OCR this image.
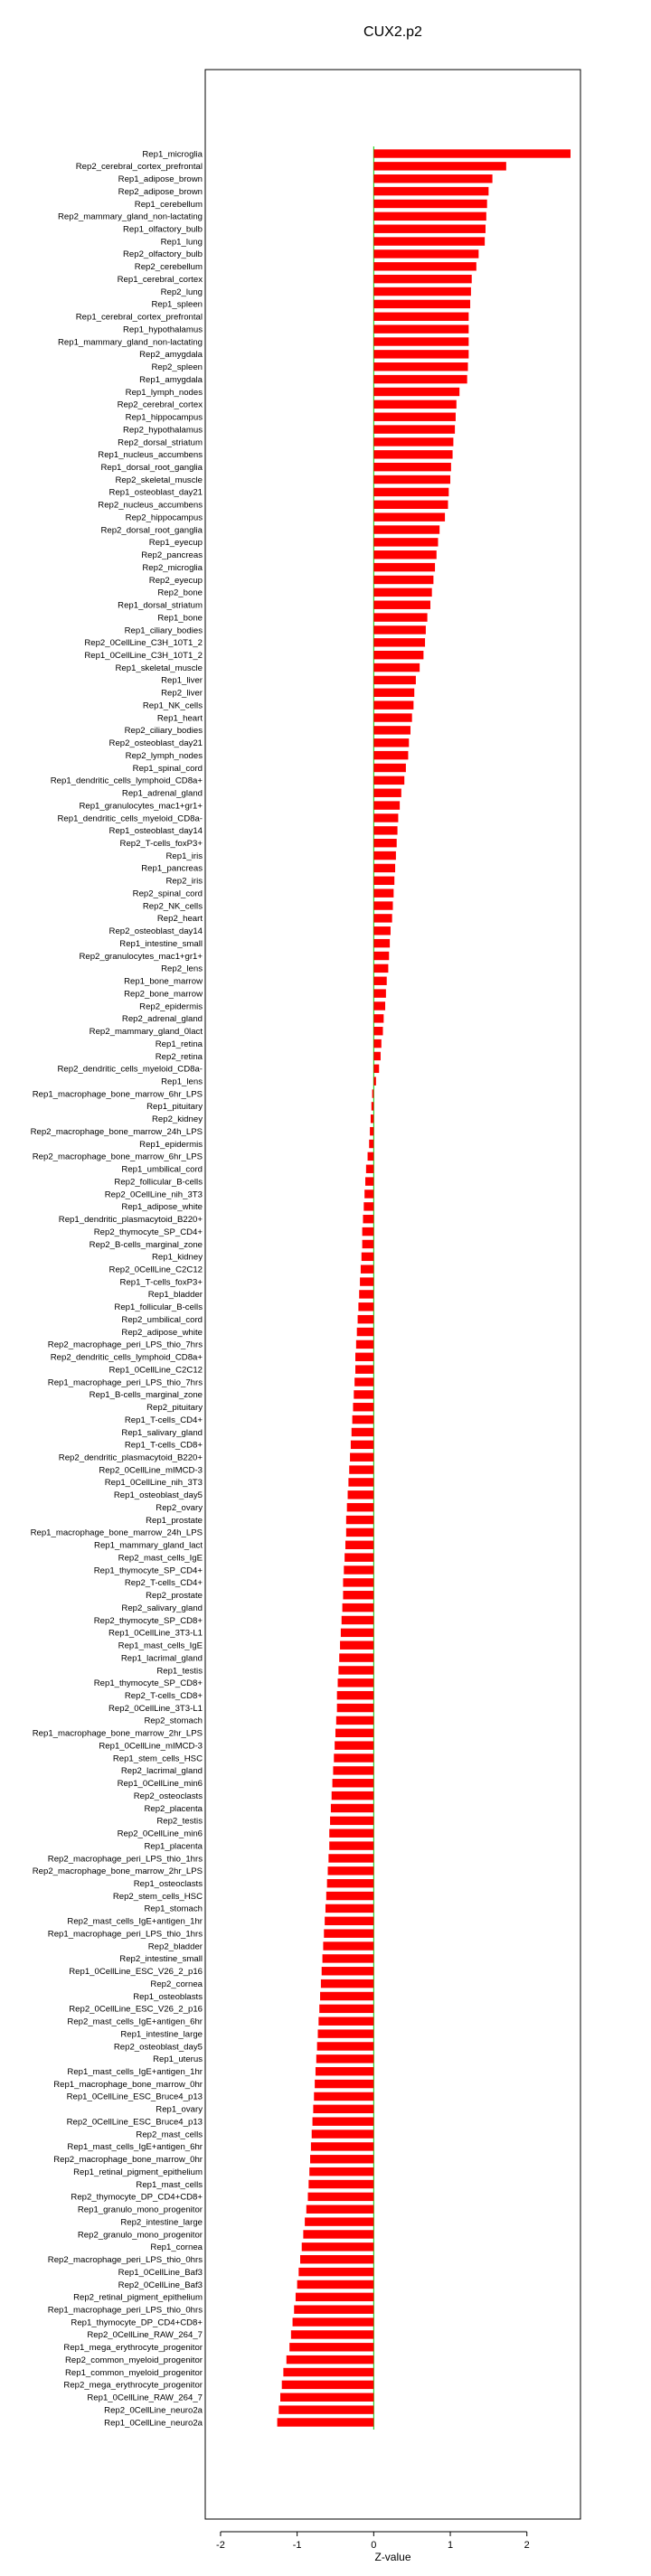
CUX2.p2
Rep1_microglia
Rep2_cerebral_cortex_prefrontal
Rep1_adipose_brown
Rep2_adipose_brown
Rep1_cerebellum
Rep2_mammary_gland_non-lactating
Rep1_olfactory_bulb
Rep1_lung
Rep2_olfactory_bulb
Rep2_cerebellum
Rep1_cerebral_cortex
Rep2_lung
Rep1_spleen
Rep1_cerebral_cortex_prefrontal
Rep1_hypothalamus
Rep1_mammary_gland_non-lactating
Rep2_amygdala
Rep2_spleen
Rep1_amygdala
Rep1_lymph_nodes
Rep2_cerebral_cortex
Rep1_hippocampus
Rep2_hypothalamus
Rep2_dorsal_striatum
Rep1_nucleus_accumbens
Rep1_dorsal_root_ganglia
Rep2_skeletal_muscle
Rep1_osteoblast_day21
Rep2_nucleus_accumbens
Rep2_hippocampus
Rep2_dorsal_root_ganglia
Rep1_eyecup
Rep2_pancreas
Rep2_microglia
Rep2_eyecup
Rep2_bone
Rep1_dorsal_striatum
Rep1_bone
Rep1_ciliary_bodies
Rep2_0CellLine_C3H_10T1_2
Rep1_0CellLine_C3H_10T1_2
Rep1_skeletal_muscle
Rep1_liver
Rep2_liver
Rep1_NK_cells
Rep1_heart
Rep2_ciliary_bodies
Rep2_osteoblast_day21
Rep2_lymph_nodes
Rep1_spinal_cord
Rep1_dendritic_cells_lymphoid_CD8a+
Rep1_adrenal_gland
Rep1_granulocytes_mac1+gr1+
Rep1_dendritic_cells_myeloid_CD8a-
Rep1_osteoblast_day14
Rep2_T-cells_foxP3+
Rep1_iris
Rep1_pancreas
Rep2_iris
Rep2_spinal_cord
Rep2_NK_cells
Rep2_heart
Rep2_osteoblast_day14
Rep1_intestine_small
Rep2_granulocytes_mac1+gr1+
Rep2_lens
Rep1_bone_marrow
Rep2_bone_marrow
Rep2_epidermis
Rep2_adrenal_gland
Rep2_mammary_gland_0lact
Rep1_retina
Rep2_retina
Rep2_dendritic_cells_myeloid_CD8a-
Rep1_lens
Rep1_macrophage_bone_marrow_6hr_LPS
Rep1_pituitary
Rep2_kidney
Rep2_macrophage_bone_marrow_24h_LPS
Rep1_epidermis
Rep2_macrophage_bone_marrow_6hr_LPS
Rep1_umbilical_cord
Rep2_follicular_B-cells
Rep2_0CellLine_nih_3T3
Rep1_adipose_white
Rep1_dendritic_plasmacytoid_B220+
Rep2_thymocyte_SP_CD4+
Rep2_B-cells_marginal_zone
Rep1_kidney
Rep2_0CellLine_C2C12
Rep1_T-cells_foxP3+
Rep1_bladder
Rep1_follicular_B-cells
Rep2_umbilical_cord
Rep2_adipose_white
Rep2_macrophage_peri_LPS_thio_7hrs
Rep2_dendritic_cells_lymphoid_CD8a+
Rep1_0CellLine_C2C12
Rep1_macrophage_peri_LPS_thio_7hrs
Rep1_B-cells_marginal_zone
Rep2_pituitary
Rep1_T-cells_CD4+
Rep1_salivary_gland
Rep1_T-cells_CD8+
Rep2_dendritic_plasmacytoid_B220+
Rep2_0CellLine_mIMCD-3
Rep1_0CellLine_nih_3T3
Rep1_osteoblast_day5
Rep2_ovary
Rep1_prostate
Rep1_macrophage_bone_marrow_24h_LPS
Rep1_mammary_gland_lact
Rep2_mast_cells_IgE
Rep1_thymocyte_SP_CD4+
Rep2_T-cells_CD4+
Rep2_prostate
Rep2_salivary_gland
Rep2_thymocyte_SP_CD8+
Rep1_0CellLine_3T3-L1
Rep1_mast_cells_IgE
Rep1_lacrimal_gland
Rep1_testis
Rep1_thymocyte_SP_CD8+
Rep2_T-cells_CD8+
Rep2_0CellLine_3T3-L1
Rep2_stomach
Rep1_macrophage_bone_marrow_2hr_LPS
Rep1_0CellLine_mIMCD-3
Rep1_stem_cells_HSC
Rep2_lacrimal_gland
Rep1_0CellLine_min6
Rep2_osteoclasts
Rep2_placenta
Rep2_testis
Rep2_0CellLine_min6
Rep1_placenta
Rep2_macrophage_peri_LPS_thio_1hrs
Rep2_macrophage_bone_marrow_2hr_LPS
Rep1_osteoclasts
Rep2_stem_cells_HSC
Rep1_stomach
Rep2_mast_cells_IgE+antigen_1hr
Rep1_macrophage_peri_LPS_thio_1hrs
Rep2_bladder
Rep2_intestine_small
Rep1_0CellLine_ESC_V26_2_p16
Rep2_cornea
Rep1_osteoblasts
Rep2_0CellLine_ESC_V26_2_p16
Rep2_mast_cells_IgE+antigen_6hr
Rep1_intestine_large
Rep2_osteoblast_day5
Rep1_uterus
Rep1_mast_cells_IgE+antigen_1hr
Rep1_macrophage_bone_marrow_0hr
Rep1_0CellLine_ESC_Bruce4_p13
Rep1_ovary
Rep2_0CellLine_ESC_Bruce4_p13
Rep2_mast_cells
Rep1_mast_cells_IgE+antigen_6hr
Rep2_macrophage_bone_marrow_0hr
Rep1_retinal_pigment_epithelium
Rep1_mast_cells
Rep2_thymocyte_DP_CD4+CD8+
Rep1_granulo_mono_progenitor
Rep2_intestine_large
Rep2_granulo_mono_progenitor
Rep1_cornea
Rep2_macrophage_peri_LPS_thio_0hrs
Rep1_0CellLine_Baf3
Rep2_0CellLine_Baf3
Rep2_retinal_pigment_epithelium
Rep1_macrophage_peri_LPS_thio_0hrs
Rep1_thymocyte_DP_CD4+CD8+
Rep2_0CellLine_RAW_264_7
Rep1_mega_erythrocyte_progenitor
Rep2_common_myeloid_progenitor
Rep1_common_myeloid_progenitor
Rep2_mega_erythrocyte_progenitor
Rep1_0CellLine_RAW_264_7
Rep2_0CellLine_neuro2a
Rep1_0CellLine_neuro2a
-2	-1	0	1	2
Z-value
